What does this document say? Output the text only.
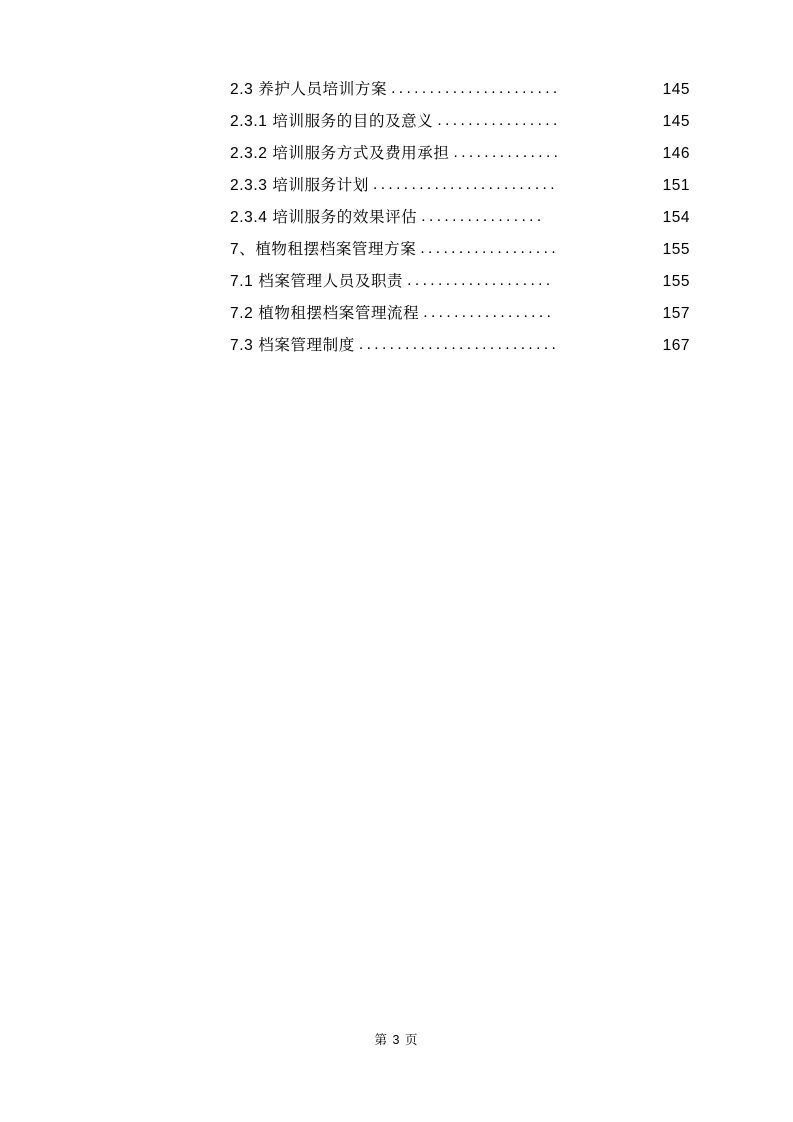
2.3 养护人员培训方案 ......................	145
2.3.1 培训服务的目的及意义 ................	145
2.3.2 培训服务方式及费用承担 ..............	146
2.3.3 培训服务计划 ........................	151
2.3.4 培训服务的效果评估 ................	154
7、植物租摆档案管理方案 ..................	155
7.1 档案管理人员及职责 ...................	155
7.2 植物租摆档案管理流程 .................	157
7.3 档案管理制度 ..........................	167
第 3 页
